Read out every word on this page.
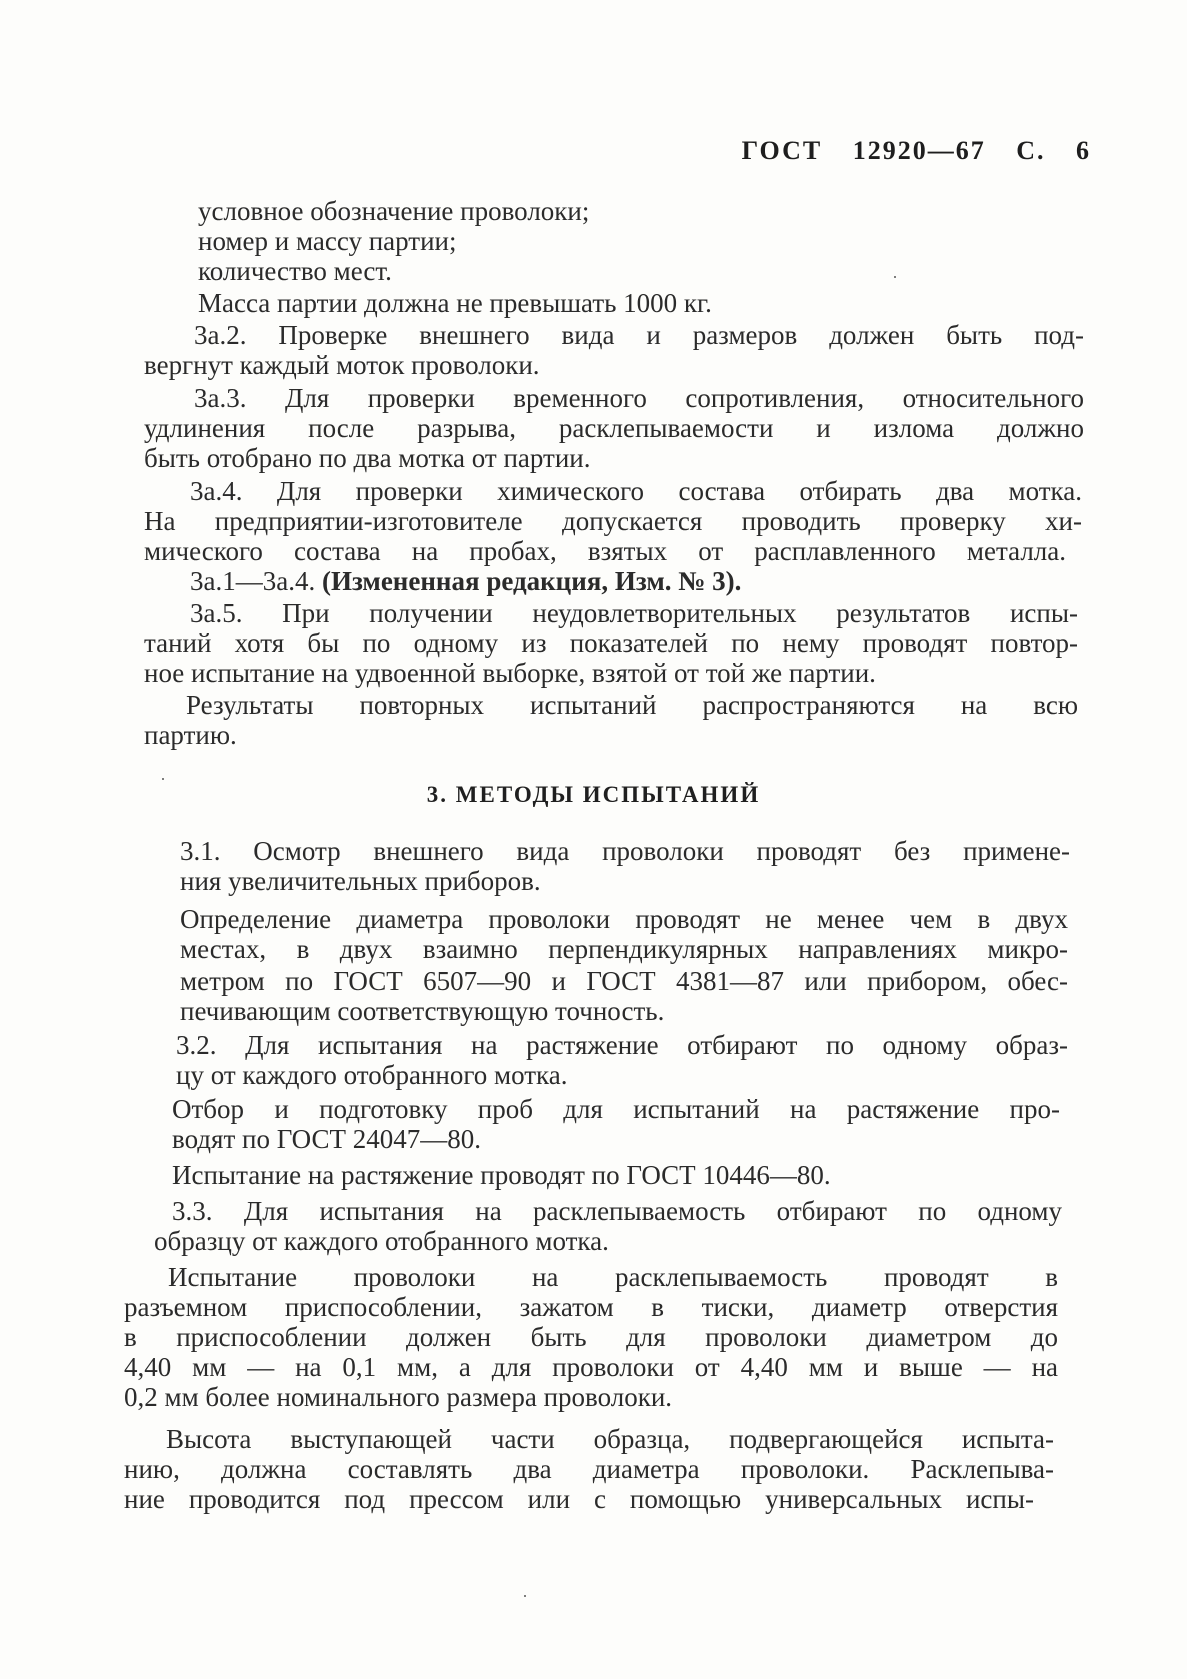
ГОСТ 12920—67 С. 6
условное обозначение проволоки;
номер и массу партии;
количество мест.
Масса партии должна не превышать 1000 кг.
3а.2. Проверке внешнего вида и размеров должен быть под-
вергнут каждый моток проволоки.
3а.3. Для проверки временного сопротивления, относительного
удлинения после разрыва, расклепываемости и излома должно
быть отобрано по два мотка от партии.
3а.4. Для проверки химического состава отбирать два мотка.
На предприятии-изготовителе допускается проводить проверку хи-
мического состава на пробах, взятых от расплавленного металла.
3а.1—3а.4. (Измененная редакция, Изм. № 3).
3а.5. При получении неудовлетворительных результатов испы-
таний хотя бы по одному из показателей по нему проводят повтор-
ное испытание на удвоенной выборке, взятой от той же партии.
Результаты повторных испытаний распространяются на всю
партию.
3. МЕТОДЫ ИСПЫТАНИЙ
3.1. Осмотр внешнего вида проволоки проводят без примене-
ния увеличительных приборов.
Определение диаметра проволоки проводят не менее чем в двух
местах, в двух взаимно перпендикулярных направлениях микро-
метром по ГОСТ 6507—90 и ГОСТ 4381—87 или прибором, обес-
печивающим соответствующую точность.
3.2. Для испытания на растяжение отбирают по одному образ-
цу от каждого отобранного мотка.
Отбор и подготовку проб для испытаний на растяжение про-
водят по ГОСТ 24047—80.
Испытание на растяжение проводят по ГОСТ 10446—80.
3.3. Для испытания на расклепываемость отбирают по одному
образцу от каждого отобранного мотка.
Испытание проволоки на расклепываемость проводят в
разъемном приспособлении, зажатом в тиски, диаметр отверстия
в приспособлении должен быть для проволоки диаметром до
4,40 мм — на 0,1 мм, а для проволоки от 4,40 мм и выше — на
0,2 мм более номинального размера проволоки.
Высота выступающей части образца, подвергающейся испыта-
нию, должна составлять два диаметра проволоки. Расклепыва-
ние проводится под прессом или с помощью универсальных испы-
